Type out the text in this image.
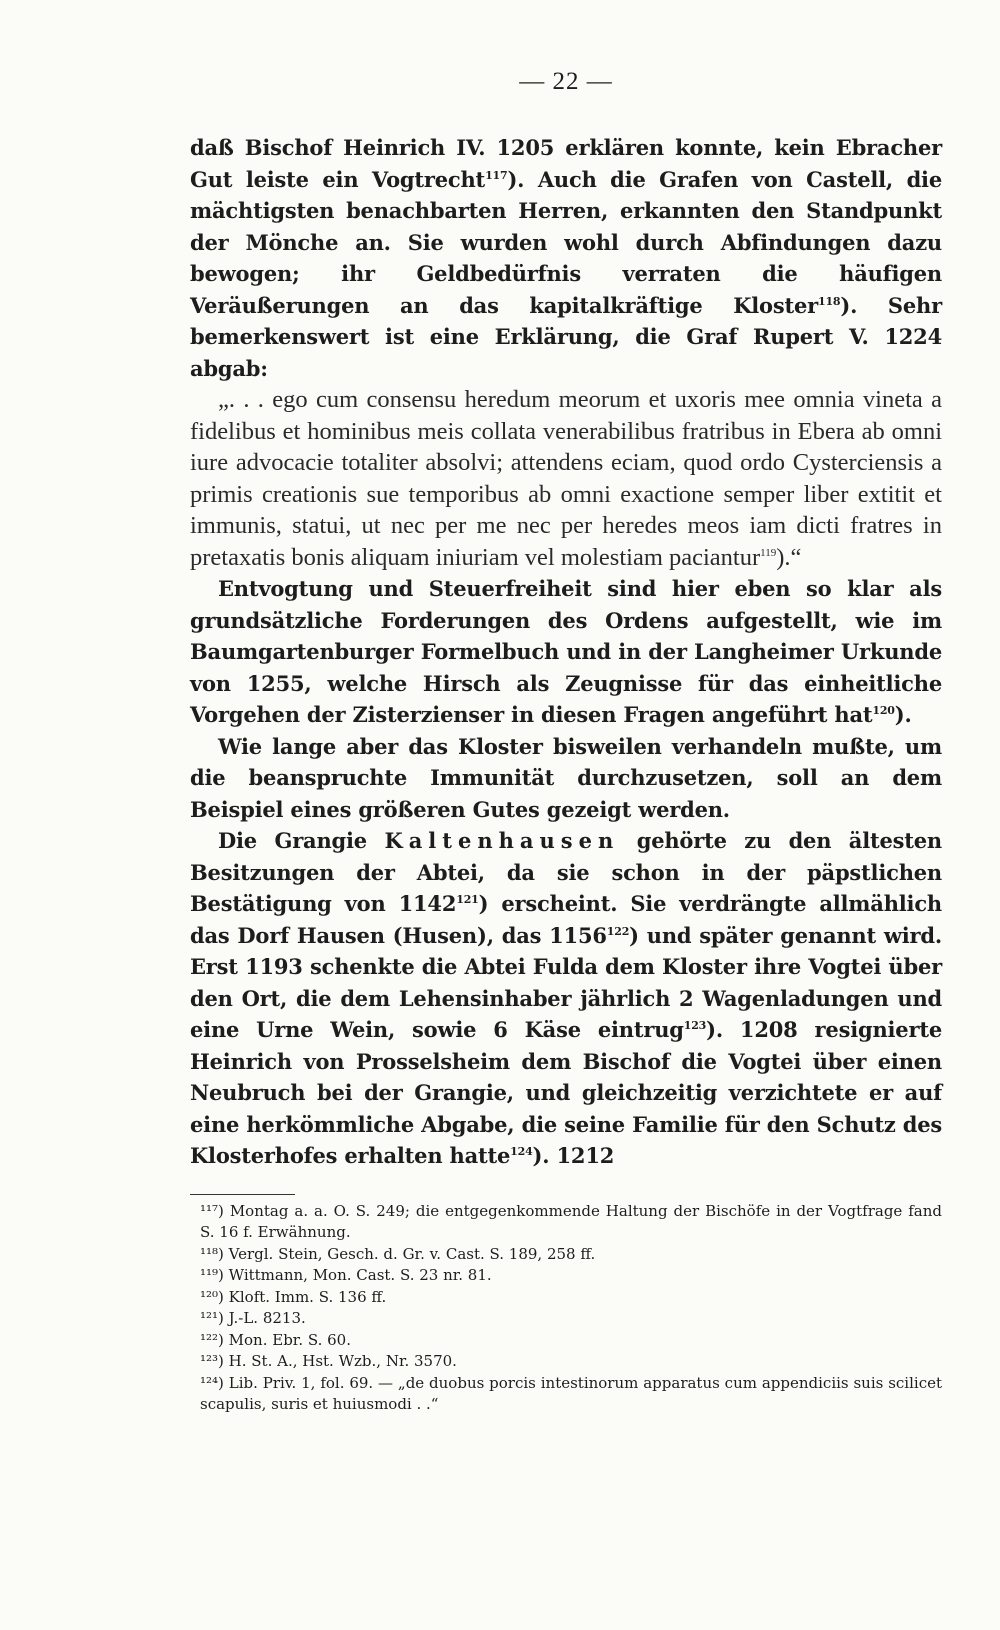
— 22 —

daß Bischof Heinrich IV. 1205 erklären konnte, kein Ebracher Gut leiste ein Vogtrecht$^{117}$). Auch die Grafen von Castell, die mächtigsten benachbarten Herren, erkannten den Standpunkt der Mönche an. Sie wurden wohl durch Abfindungen dazu bewogen; ihr Geldbedürfnis verraten die häufigen Veräußerungen an das kapitalkräftige Kloster$^{118}$). Sehr bemerkenswert ist eine Erklärung, die Graf Rupert V. 1224 abgab:

„. . . ego cum consensu heredum meorum et uxoris mee omnia vineta a fidelibus et hominibus meis collata venerabilibus fratribus in Ebera ab omni iure advocacie totaliter absolvi; attendens eciam, quod ordo Cysterciensis a primis creationis sue temporibus ab omni exactione semper liber extitit et immunis, statui, ut nec per me nec per heredes meos iam dicti fratres in pretaxatis bonis aliquam iniuriam vel molestiam paciantur$^{119}$).“

Entvogtung und Steuerfreiheit sind hier eben so klar als grundsätzliche Forderungen des Ordens aufgestellt, wie im Baumgartenburger Formelbuch und in der Langheimer Urkunde von 1255, welche Hirsch als Zeugnisse für das einheitliche Vorgehen der Zisterzienser in diesen Fragen angeführt hat$^{120}$).

Wie lange aber das Kloster bisweilen verhandeln mußte, um die beanspruchte Immunität durchzusetzen, soll an dem Beispiel eines größeren Gutes gezeigt werden.

Die Grangie Kaltenhausen gehörte zu den ältesten Besitzungen der Abtei, da sie schon in der päpstlichen Bestätigung von 1142$^{121}$) erscheint. Sie verdrängte allmählich das Dorf Hausen (Husen), das 1156$^{122}$) und später genannt wird. Erst 1193 schenkte die Abtei Fulda dem Kloster ihre Vogtei über den Ort, die dem Lehensinhaber jährlich 2 Wagenladungen und eine Urne Wein, sowie 6 Käse eintrug$^{123}$). 1208 resignierte Heinrich von Prosselsheim dem Bischof die Vogtei über einen Neubruch bei der Grangie, und gleichzeitig verzichtete er auf eine herkömmliche Abgabe, die seine Familie für den Schutz des Klosterhofes erhalten hatte$^{124}$). 1212

¹¹⁷) Montag a. a. O. S. 249; die entgegenkommende Haltung der Bischöfe in der Vogtfrage fand S. 16 f. Erwähnung.

¹¹⁸) Vergl. Stein, Gesch. d. Gr. v. Cast. S. 189, 258 ff.

¹¹⁹) Wittmann, Mon. Cast. S. 23 nr. 81.

¹²⁰) Kloft. Imm. S. 136 ff.

¹²¹) J.-L. 8213.

¹²²) Mon. Ebr. S. 60.

¹²³) H. St. A., Hst. Wzb., Nr. 3570.

¹²⁴) Lib. Priv. 1, fol. 69. — „de duobus porcis intestinorum apparatus cum appendiciis suis scilicet scapulis, suris et huiusmodi . .“
